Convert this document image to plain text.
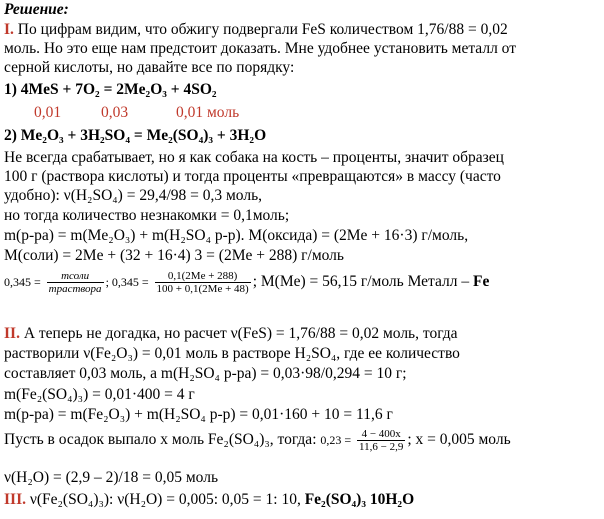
Решение:
I. По цифрам видим, что обжигу подвергали FeS количеством 1,76/88 = 0,02
моль. Но это еще нам предстоит доказать. Мне удобнее установить металл от
серной кислоты, но давайте все по порядку:
1) 4MeS + 7O₂ = 2Me₂O₃ + 4SO₂
0,01	0,03	0,01 моль
2) Me₂O₃ + 3H₂SO₄ = Me₂(SO₄)₃ + 3H₂O
Не всегда срабатывает, но я как собака на кость – проценты, значит образец
100 г (раствора кислоты) и тогда проценты «превращаются» в массу (часто
удобно): ν(H₂SO₄) = 29,4/98 = 0,3 моль,
но тогда количество незнакомки = 0,1моль;
m(р-ра) = m(Me₂O₃) + m(H₂SO₄ р-р). M(оксида) = (2Me + 16·3) г/моль,
M(соли) = 2Me + (32 + 16·4) 3 = (2Me + 288) г/моль
$0,345 = \frac{\text{mсоли}}{\text{mраствора}}$ ; $0,345 = \frac{0,1(2Me + 288)}{100 + 0,1(2Me + 48)}$ ; M(Me) = 56,15 г/моль Металл – Fe
II. А теперь не догадка, но расчет ν(FeS) = 1,76/88 = 0,02 моль, тогда
растворили ν(Fe₂O₃) = 0,01 моль в растворе H₂SO₄, где ее количество
составляет 0,03 моль, а m(H₂SO₄ р-ра) = 0,03·98/0,294 = 10 г;
m(Fe₂(SO₄)₃) = 0,01·400 = 4 г
m(р-ра) = m(Fe₂O₃) + m(H₂SO₄ р-р) = 0,01·160 + 10 = 11,6 г
Пусть в осадок выпало x моль Fe₂(SO₄)₃, тогда: $0,23 = \frac{4 - 400x}{11,6 - 2,9}$ ; x = 0,005 моль
ν(H₂O) = (2,9 – 2)/18 = 0,05 моль
III. ν(Fe₂(SO₄)₃): ν(H₂O) = 0,005: 0,05 = 1: 10, Fe₂(SO₄)₃ 10H₂O
